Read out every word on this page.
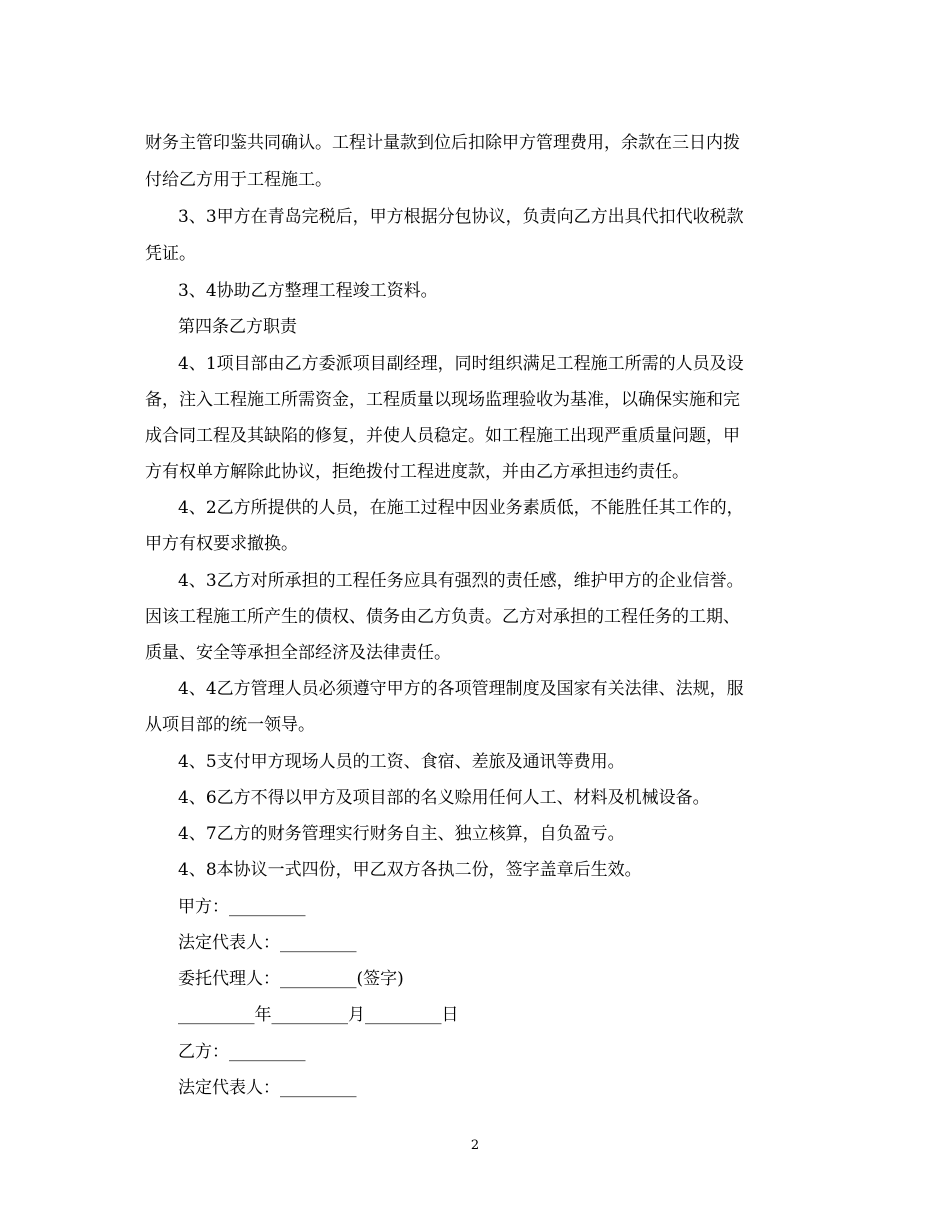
财务主管印鉴共同确认。工程计量款到位后扣除甲方管理费用，余款在三日内拨
付给乙方用于工程施工。
3、3甲方在青岛完税后，甲方根据分包协议，负责向乙方出具代扣代收税款
凭证。
3、4协助乙方整理工程竣工资料。
第四条乙方职责
4、1项目部由乙方委派项目副经理，同时组织满足工程施工所需的人员及设
备，注入工程施工所需资金，工程质量以现场监理验收为基准，以确保实施和完
成合同工程及其缺陷的修复，并使人员稳定。如工程施工出现严重质量问题，甲
方有权单方解除此协议，拒绝拨付工程进度款，并由乙方承担违约责任。
4、2乙方所提供的人员，在施工过程中因业务素质低，不能胜任其工作的，
甲方有权要求撤换。
4、3乙方对所承担的工程任务应具有强烈的责任感，维护甲方的企业信誉。
因该工程施工所产生的债权、债务由乙方负责。乙方对承担的工程任务的工期、
质量、安全等承担全部经济及法律责任。
4、4乙方管理人员必须遵守甲方的各项管理制度及国家有关法律、法规，服
从项目部的统一领导。
4、5支付甲方现场人员的工资、食宿、差旅及通讯等费用。
4、6乙方不得以甲方及项目部的名义赊用任何人工、材料及机械设备。
4、7乙方的财务管理实行财务自主、独立核算，自负盈亏。
4、8本协议一式四份，甲乙双方各执二份，签字盖章后生效。
甲方：_________
法定代表人：_________
委托代理人：_________(签字)
_________年_________月_________日
乙方：_________
法定代表人：_________
2
